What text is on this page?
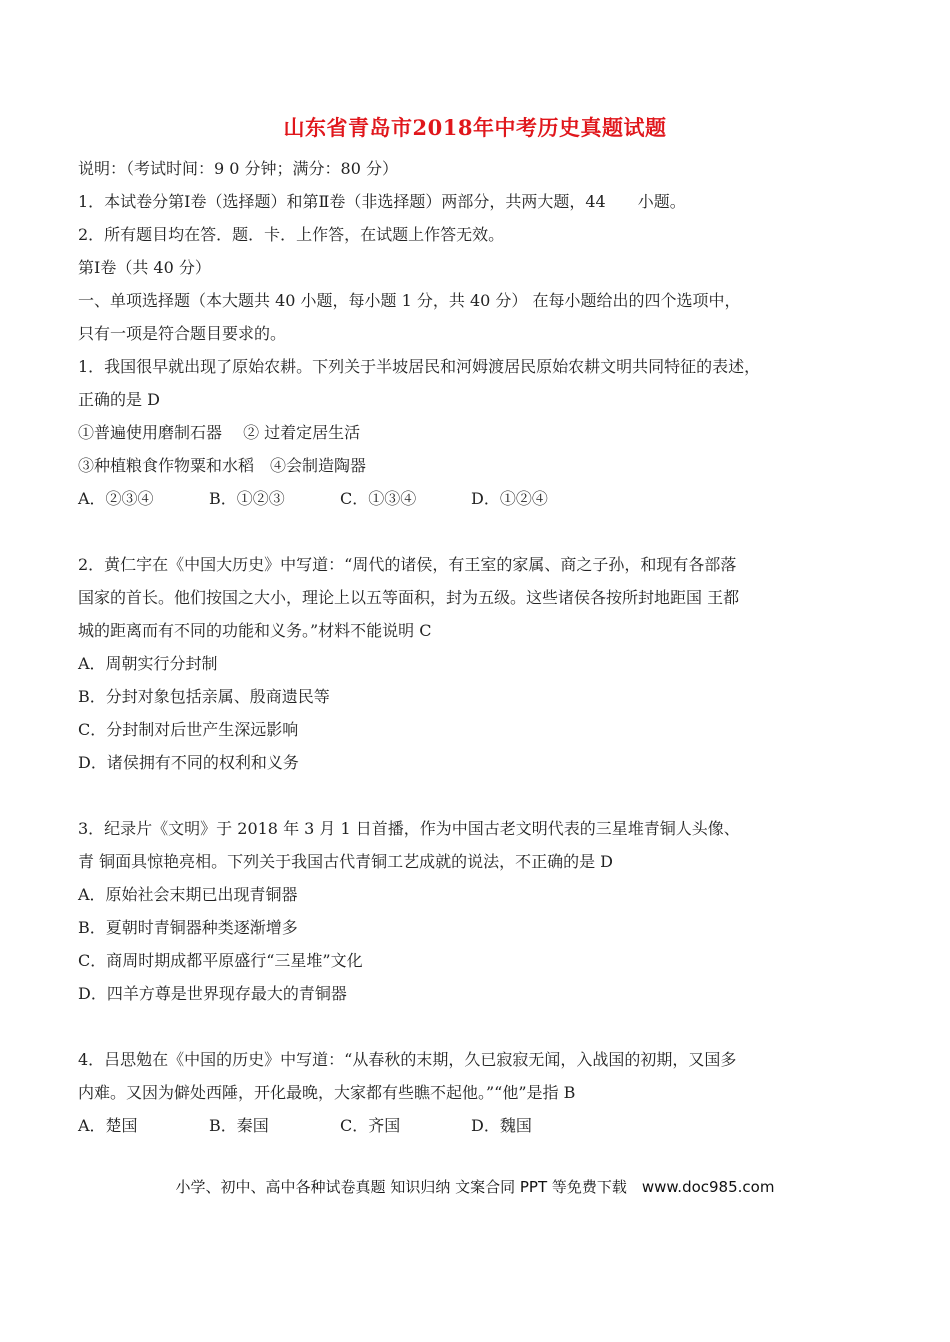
山东省青岛市2018年中考历史真题试题
说明：（考试时间：9 0 分钟；满分：80 分）
1．本试卷分第Ⅰ卷（选择题）和第Ⅱ卷（非选择题）两部分，共两大题，44　　小题。
2．所有题目均在答．题．卡．上作答，在试题上作答无效。
第Ⅰ卷（共 40 分）
一、单项选择题（本大题共 40 小题，每小题 1 分，共 40 分） 在每小题给出的四个选项中，
只有一项是符合题目要求的。
1．我国很早就出现了原始农耕。下列关于半坡居民和河姆渡居民原始农耕文明共同特征的表述，
正确的是 D
①普遍使用磨制石器　 ② 过着定居生活
③种植粮食作物粟和水稻　④会制造陶器
A．②③④	B．①②③	C．①③④	D．①②④
2．黄仁宇在《中国大历史》中写道：“周代的诸侯，有王室的家属、商之子孙，和现有各部落
国家的首长。他们按国之大小，理论上以五等面积，封为五级。这些诸侯各按所封地距国 王都
城的距离而有不同的功能和义务。”材料不能说明 C
A．周朝实行分封制
B．分封对象包括亲属、殷商遗民等
C．分封制对后世产生深远影响
D．诸侯拥有不同的权利和义务
3．纪录片《文明》于 2018 年 3 月 1 日首播，作为中国古老文明代表的三星堆青铜人头像、
青 铜面具惊艳亮相。下列关于我国古代青铜工艺成就的说法，不正确的是 D
A．原始社会末期已出现青铜器
B．夏朝时青铜器种类逐渐增多
C．商周时期成都平原盛行“三星堆”文化
D．四羊方尊是世界现存最大的青铜器
4．吕思勉在《中国的历史》中写道：“从春秋的末期，久已寂寂无闻，入战国的初期，又国多
内难。又因为僻处西陲，开化最晚，大家都有些瞧不起他。”“他”是指 B
A．楚国	B．秦国	C．齐国	D．魏国
小学、初中、高中各种试卷真题 知识归纳 文案合同 PPT 等免费下载　www.doc985.com
